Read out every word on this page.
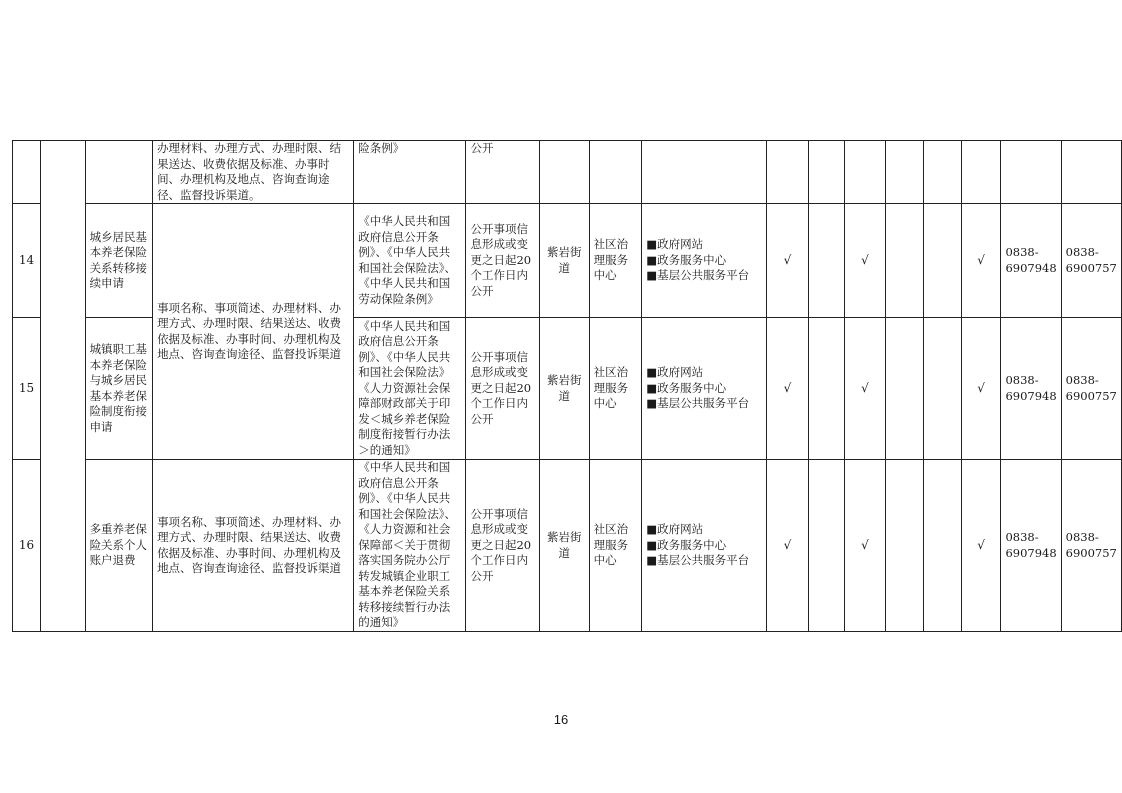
			办理材料、办理方式、办理时限、结果送达、收费依据及标准、办事时间、办理机构及地点、咨询查询途径、监督投诉渠道。	险条例》	公开											
14		城乡居民基本养老保险关系转移接续申请	事项名称、事项简述、办理材料、办理方式、办理时限、结果送达、收费依据及标准、办事时间、办理机构及地点、咨询查询途径、监督投诉渠道	《中华人民共和国政府信息公开条例》、《中华人民共和国社会保险法》、《中华人民共和国劳动保险条例》	公开事项信息形成或变更之日起20个工作日内公开	紫岩街道	社区治理服务中心	■政府网站
■政务服务中心
■基层公共服务平台	√		√			√	0838-6907948	0838-6900757
15		城镇职工基本养老保险与城乡居民基本养老保险制度衔接申请		《中华人民共和国政府信息公开条例》、《中华人民共和国社会保险法》《人力资源社会保障部财政部关于印发＜城乡养老保险制度衔接暂行办法＞的通知》	公开事项信息形成或变更之日起20个工作日内公开	紫岩街道	社区治理服务中心	■政府网站
■政务服务中心
■基层公共服务平台	√		√			√	0838-6907948	0838-6900757
16		多重养老保险关系个人账户退费	事项名称、事项简述、办理材料、办理方式、办理时限、结果送达、收费依据及标准、办事时间、办理机构及地点、咨询查询途径、监督投诉渠道	《中华人民共和国政府信息公开条例》、《中华人民共和国社会保险法》、《人力资源和社会保障部＜关于贯彻落实国务院办公厅转发城镇企业职工基本养老保险关系转移接续暂行办法的通知》	公开事项信息形成或变更之日起20个工作日内公开	紫岩街道	社区治理服务中心	■政府网站
■政务服务中心
■基层公共服务平台	√		√			√	0838-6907948	0838-6900757
16
